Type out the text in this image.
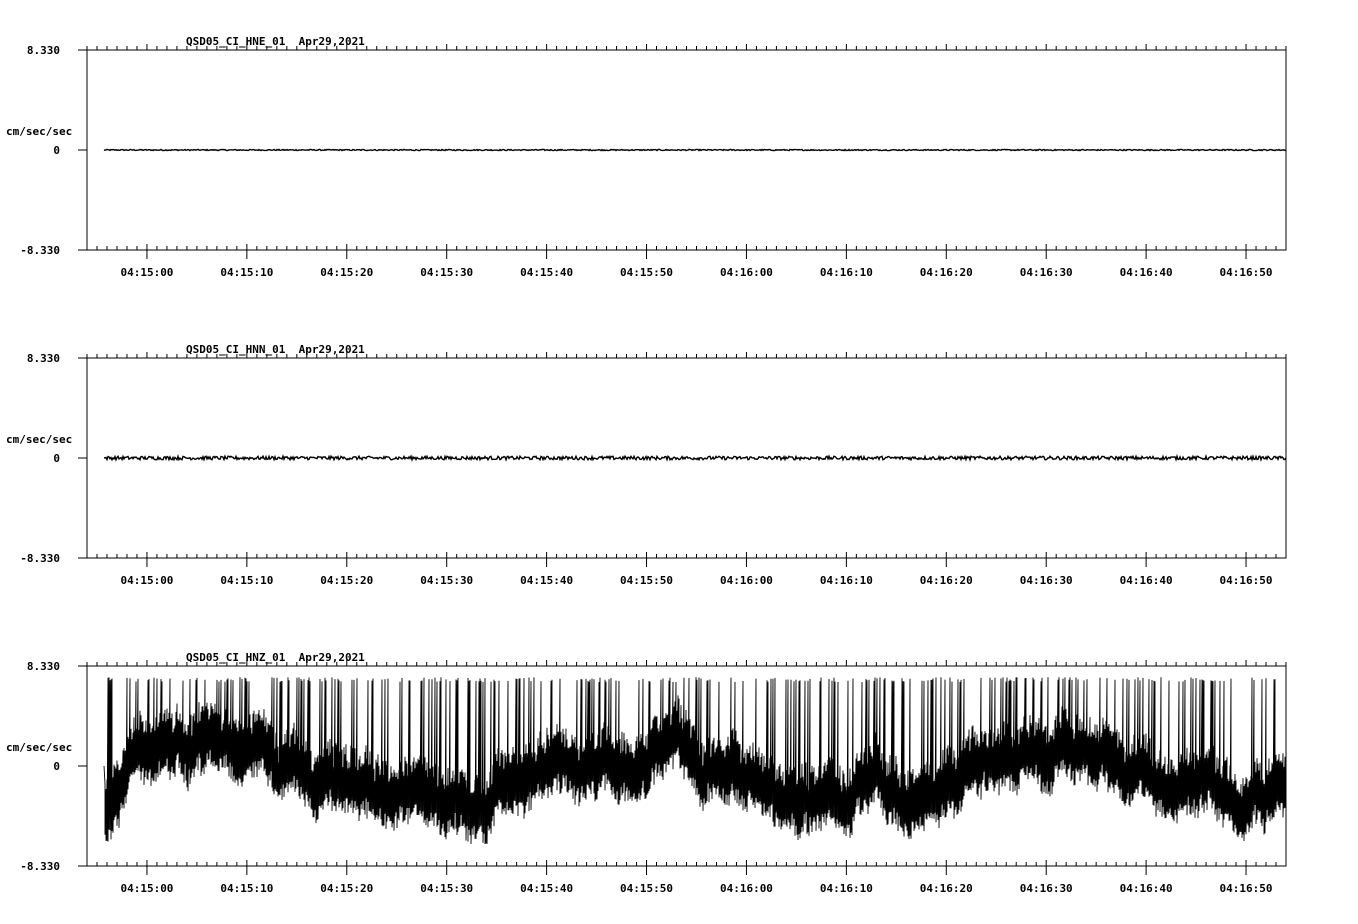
QSD05_CI_HNE_01  Apr29,2021
cm/sec/sec
8.330
0
-8.330
04:15:00	04:15:10	04:15:20	04:15:30	04:15:40	04:15:50	04:16:00	04:16:10	04:16:20	04:16:30	04:16:40	04:16:50
QSD05_CI_HNN_01  Apr29,2021
cm/sec/sec
8.330
0
-8.330
04:15:00	04:15:10	04:15:20	04:15:30	04:15:40	04:15:50	04:16:00	04:16:10	04:16:20	04:16:30	04:16:40	04:16:50
QSD05_CI_HNZ_01  Apr29,2021
cm/sec/sec
8.330
0
-8.330
04:15:00	04:15:10	04:15:20	04:15:30	04:15:40	04:15:50	04:16:00	04:16:10	04:16:20	04:16:30	04:16:40	04:16:50
